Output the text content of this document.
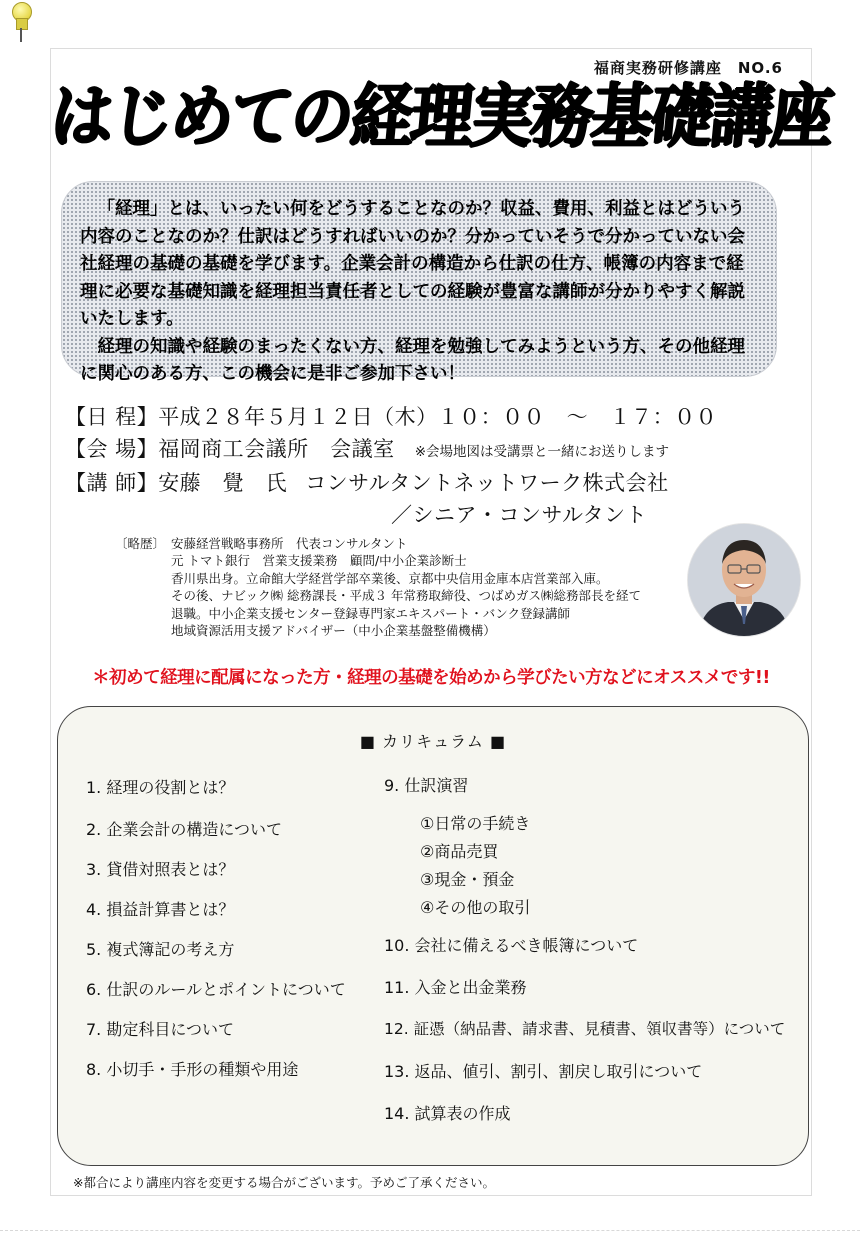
福商実務研修講座　NO.6
はじめての経理実務基礎講座

「経理」とは、いったい何をどうすることなのか？収益、費用、利益とはどういう内容のことなのか？仕訳はどうすればいいのか？分かっていそうで分かっていない会社経理の基礎の基礎を学びます。企業会計の構造から仕訳の仕方、帳簿の内容まで経理に必要な基礎知識を経理担当責任者としての経験が豊富な講師が分かりやすく解説いたします。

経理の知識や経験のまったくない方、経理を勉強してみようという方、その他経理に関心のある方、この機会に是非ご参加下さい！

【日 程】平成２８年５月１２日（木）１０：００　～　１７：００
【会 場】福岡商工会議所　会議室 ※会場地図は受講票と一緒にお送りします
【講 師】安藤　覺　氏 コンサルタントネットワーク株式会社
／シニア・コンサルタント
〔略歴〕 安藤経営戦略事務所　代表コンサルタント
元 トマト銀行　営業支援業務　顧問/中小企業診断士
香川県出身。立命館大学経営学部卒業後、京都中央信用金庫本店営業部入庫。
その後、ナビック㈱ 総務課長・平成３ 年常務取締役、つばめガス㈱総務部長を経て
退職。中小企業支援センター登録専門家エキスパート・バンク登録講師
地域資源活用支援アドバイザー（中小企業基盤整備機構）
＊初めて経理に配属になった方・経理の基礎を始めから学びたい方などにオススメです!!
■ カリキュラム ■
1. 経理の役割とは？
2. 企業会計の構造について
3. 貸借対照表とは？
4. 損益計算書とは？
5. 複式簿記の考え方
6. 仕訳のルールとポイントについて
7. 勘定科目について
8. 小切手・手形の種類や用途
9. 仕訳演習
①日常の手続き
②商品売買
③現金・預金
④その他の取引
10. 会社に備えるべき帳簿について
11. 入金と出金業務
12. 証憑（納品書、請求書、見積書、領収書等）について
13. 返品、値引、割引、割戻し取引について
14. 試算表の作成
※都合により講座内容を変更する場合がございます。予めご了承ください。
